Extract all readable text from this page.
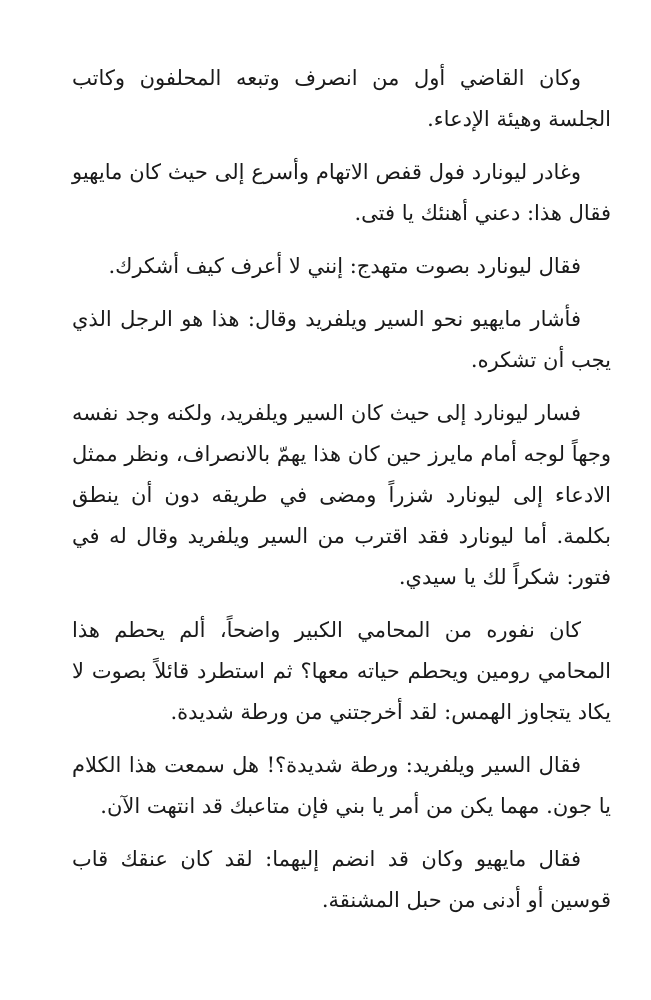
وكان القاضي أول من انصرف وتبعه المحلفون وكاتب الجلسة وهيئة الإدعاء.

وغادر ليونارد فول قفص الاتهام وأسرع إلى حيث كان مايهيو فقال هذا: دعني أهنئك يا فتى.

فقال ليونارد بصوت متهدج: إنني لا أعرف كيف أشكرك.

فأشار مايهيو نحو السير ويلفريد وقال: هذا هو الرجل الذي يجب أن تشكره.

فسار ليونارد إلى حيث كان السير ويلفريد، ولكنه وجد نفسه وجهاً لوجه أمام مايرز حين كان هذا يهمّ بالانصراف، ونظر ممثل الادعاء إلى ليونارد شزراً ومضى في طريقه دون أن ينطق بكلمة. أما ليونارد فقد اقترب من السير ويلفريد وقال له في فتور: شكراً لك يا سيدي.

كان نفوره من المحامي الكبير واضحاً، ألم يحطم هذا المحامي رومين ويحطم حياته معها؟ ثم استطرد قائلاً بصوت لا يكاد يتجاوز الهمس: لقد أخرجتني من ورطة شديدة.

فقال السير ويلفريد: ورطة شديدة؟! هل سمعت هذا الكلام يا جون. مهما يكن من أمر يا بني فإن متاعبك قد انتهت الآن.

فقال مايهيو وكان قد انضم إليهما: لقد كان عنقك قاب قوسين أو أدنى من حبل المشنقة.
